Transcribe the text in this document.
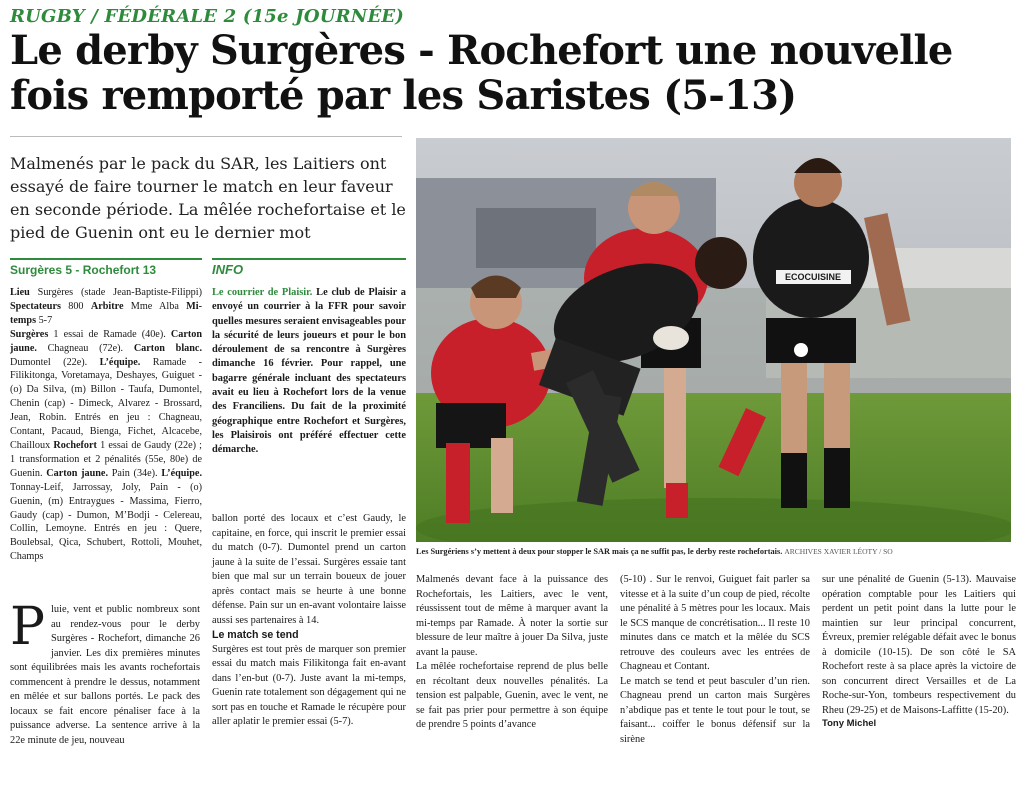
RUGBY / FÉDÉRALE 2 (15e JOURNÉE)
Le derby Surgères - Rochefort une nouvelle fois remporté par les Saristes (5-13)
Malmenés par le pack du SAR, les Laitiers ont essayé de faire tourner le match en leur faveur en seconde période. La mêlée rochefortaise et le pied de Guenin ont eu le dernier mot
ECOCUISINE
Les Surgériens s’y mettent à deux pour stopper le SAR mais ça ne suffit pas, le derby reste rochefortais. ARCHIVES XAVIER LÉOTY / SO
Surgères 5 - Rochefort 13
Lieu Surgères (stade Jean-Baptiste-Filippi) Spectateurs 800 Arbitre Mme Alba Mi-temps 5-7
Surgères 1 essai de Ramade (40e). Carton jaune. Chagneau (72e). Carton blanc. Dumontel (22e). L’équipe. Ramade - Filikitonga, Voretamaya, Deshayes, Guiguet - (o) Da Silva, (m) Billon - Taufa, Dumontel, Chenin (cap) - Dimeck, Alvarez - Brossard, Jean, Robin. Entrés en jeu : Chagneau, Contant, Pacaud, Bienga, Fichet, Alcacebe, Chailloux Rochefort 1 essai de Gaudy (22e) ; 1 transformation et 2 pénalités (55e, 80e) de Guenin. Carton jaune. Pain (34e). L’équipe. Tonnay-Leif, Jarrossay, Joly, Pain - (o) Guenin, (m) Entraygues - Massima, Fierro, Gaudy (cap) - Dumon, M’Bodji - Celereau, Collin, Lemoyne. Entrés en jeu : Quere, Boulebsal, Qica, Schubert, Rottoli, Mouhet, Champs
INFO
Le courrier de Plaisir. Le club de Plaisir a envoyé un courrier à la FFR pour savoir quelles mesures seraient envisageables pour la sécurité de leurs joueurs et pour le bon déroulement de sa rencontre à Surgères dimanche 16 février. Pour rappel, une bagarre générale incluant des spectateurs avait eu lieu à Rochefort lors de la venue des Franciliens. Du fait de la proximité géographique entre Rochefort et Surgères, les Plaisirois ont préféré effectuer cette démarche.
Pluie, vent et public nombreux sont au rendez-vous pour le derby Surgères - Rochefort, dimanche 26 janvier. Les dix premières minutes sont équilibrées mais les avants rochefortais commencent à prendre le dessus, notamment en mêlée et sur ballons portés. Le pack des locaux se fait encore pénaliser face à la puissance adverse. La sentence arrive à la 22e minute de jeu, nouveau

ballon porté des locaux et c’est Gaudy, le capitaine, en force, qui inscrit le premier essai du match (0-7). Dumontel prend un carton jaune à la suite de l’essai. Surgères essaie tant bien que mal sur un terrain boueux de jouer après contact mais se heurte à une bonne défense. Pain sur un en-avant volontaire laisse aussi ses partenaires à 14.

Le match se tend

Surgères est tout près de marquer son premier essai du match mais Filikitonga fait en-avant dans l’en-but (0-7). Juste avant la mi-temps, Guenin rate totalement son dégagement qui ne sort pas en touche et Ramade le récupère pour aller aplatir le premier essai (5-7).

Malmenés devant face à la puissance des Rochefortais, les Laitiers, avec le vent, réussissent tout de même à marquer avant la mi-temps par Ramade. À noter la sortie sur blessure de leur maître à jouer Da Silva, juste avant la pause.

La mêlée rochefortaise reprend de plus belle en récoltant deux nouvelles pénalités. La tension est palpable, Guenin, avec le vent, ne se fait pas prier pour permettre à son équipe de prendre 5 points d’avance

(5-10) . Sur le renvoi, Guiguet fait parler sa vitesse et à la suite d’un coup de pied, récolte une pénalité à 5 mètres pour les locaux. Mais le SCS manque de concrétisation... Il reste 10 minutes dans ce match et la mêlée du SCS retrouve des couleurs avec les entrées de Chagneau et Contant.

Le match se tend et peut basculer d’un rien. Chagneau prend un carton mais Surgères n’abdique pas et tente le tout pour le tout, se faisant... coiffer le bonus défensif sur la sirène

sur une pénalité de Guenin (5-13). Mauvaise opération comptable pour les Laitiers qui perdent un petit point dans la lutte pour le maintien sur leur principal concurrent, Évreux, premier relégable défait avec le bonus à domicile (10-15). De son côté le SA Rochefort reste à sa place après la victoire de son concurrent direct Versailles et de La Roche-sur-Yon, tombeurs respectivement du Rheu (29-25) et de Maisons-Laffitte (15-20).

Tony Michel
